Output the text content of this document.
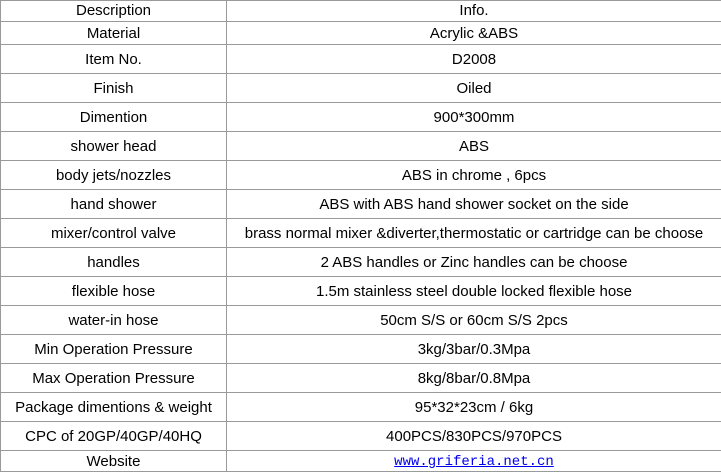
Description	Info.
Material	Acrylic &ABS
Item No.	D2008
Finish	Oiled
Dimention	900*300mm
shower head	ABS
body jets/nozzles	ABS in chrome , 6pcs
hand shower	ABS with ABS hand shower socket on the side
mixer/control valve	brass normal mixer &diverter,thermostatic or cartridge can be choose
handles	2 ABS handles or Zinc handles can be choose
flexible hose	1.5m stainless steel double locked flexible hose
water-in hose	50cm S/S or 60cm S/S 2pcs
Min Operation Pressure	3kg/3bar/0.3Mpa
Max Operation Pressure	8kg/8bar/0.8Mpa
Package dimentions & weight	95*32*23cm / 6kg
CPC of 20GP/40GP/40HQ	400PCS/830PCS/970PCS
Website	www.griferia.net.cn
